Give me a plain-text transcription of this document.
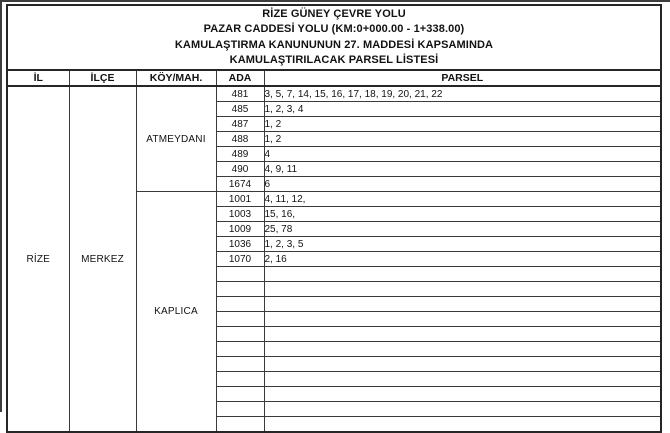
RİZE GÜNEY ÇEVRE YOLU
PAZAR CADDESİ YOLU (KM:0+000.00 - 1+338.00)
KAMULAŞTIRMA KANUNUNUN 27. MADDESİ KAPSAMINDA
KAMULAŞTIRILACAK PARSEL LİSTESİ				

İL	İLÇE	KÖY/MAH.	ADA	PARSEL
RİZE	MERKEZ	ATMEYDANI	481	3, 5, 7, 14, 15, 16, 17, 18, 19, 20, 21, 22
			485	1, 2, 3, 4
			487	1, 2
			488	1, 2
			489	4
			490	4, 9, 11
			1674	6
		KAPLICA	1001	4, 11, 12,
			1003	15, 16,
			1009	25, 78
			1036	1, 2, 3, 5
			1070	2, 16
